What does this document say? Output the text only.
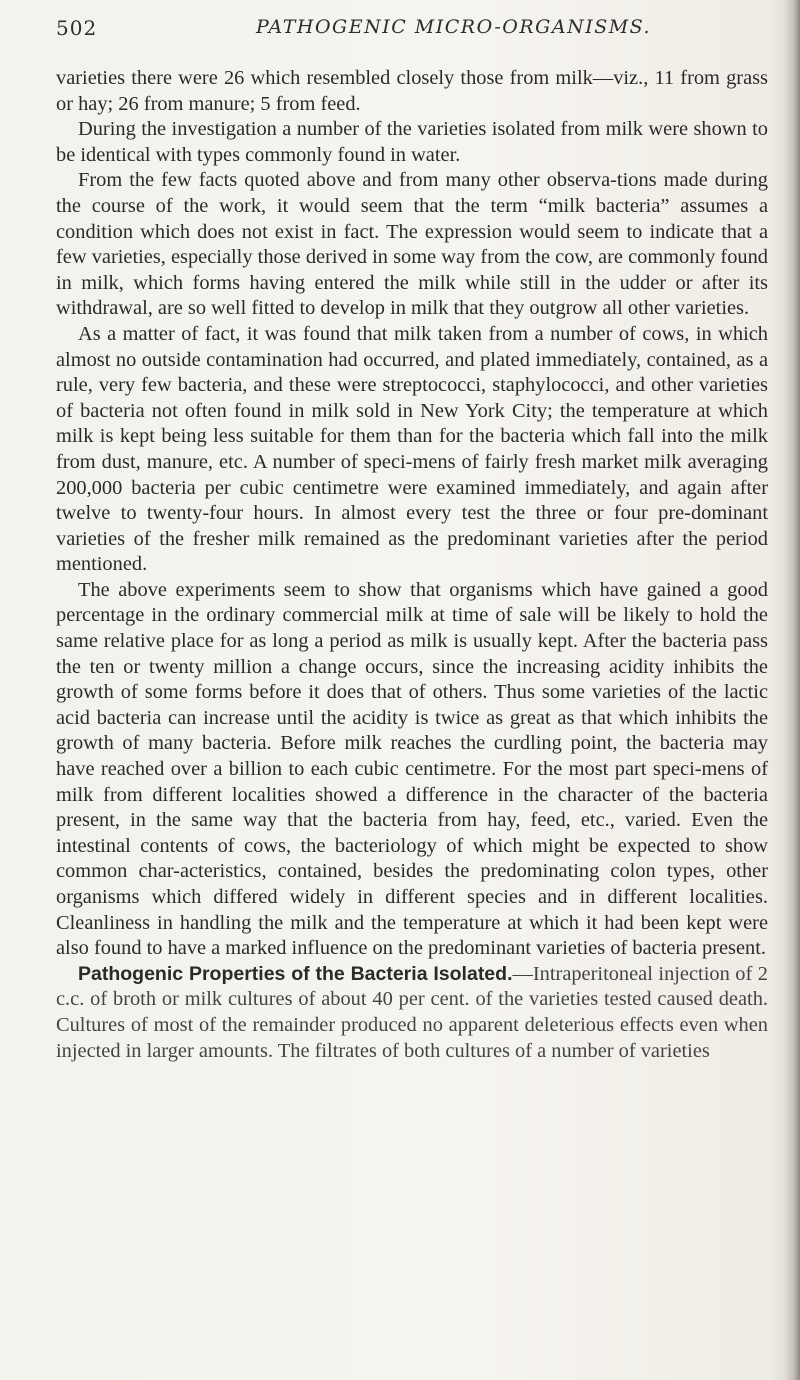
502	PATHOGENIC MICRO-ORGANISMS.

varieties there were 26 which resembled closely those from milk—viz., 11 from grass or hay; 26 from manure; 5 from feed.

During the investigation a number of the varieties isolated from milk were shown to be identical with types commonly found in water.

From the few facts quoted above and from many other observa-tions made during the course of the work, it would seem that the term “milk bacteria” assumes a condition which does not exist in fact. The expression would seem to indicate that a few varieties, especially those derived in some way from the cow, are commonly found in milk, which forms having entered the milk while still in the udder or after its withdrawal, are so well fitted to develop in milk that they outgrow all other varieties.

As a matter of fact, it was found that milk taken from a number of cows, in which almost no outside contamination had occurred, and plated immediately, contained, as a rule, very few bacteria, and these were streptococci, staphylococci, and other varieties of bacteria not often found in milk sold in New York City; the temperature at which milk is kept being less suitable for them than for the bacteria which fall into the milk from dust, manure, etc. A number of speci-mens of fairly fresh market milk averaging 200,000 bacteria per cubic centimetre were examined immediately, and again after twelve to twenty-four hours. In almost every test the three or four pre-dominant varieties of the fresher milk remained as the predominant varieties after the period mentioned.

The above experiments seem to show that organisms which have gained a good percentage in the ordinary commercial milk at time of sale will be likely to hold the same relative place for as long a period as milk is usually kept. After the bacteria pass the ten or twenty million a change occurs, since the increasing acidity inhibits the growth of some forms before it does that of others. Thus some varieties of the lactic acid bacteria can increase until the acidity is twice as great as that which inhibits the growth of many bacteria. Before milk reaches the curdling point, the bacteria may have reached over a billion to each cubic centimetre. For the most part speci-mens of milk from different localities showed a difference in the character of the bacteria present, in the same way that the bacteria from hay, feed, etc., varied. Even the intestinal contents of cows, the bacteriology of which might be expected to show common char-acteristics, contained, besides the predominating colon types, other organisms which differed widely in different species and in different localities. Cleanliness in handling the milk and the temperature at which it had been kept were also found to have a marked influence on the predominant varieties of bacteria present.

Pathogenic Properties of the Bacteria Isolated.—Intraperitoneal injection of 2 c.c. of broth or milk cultures of about 40 per cent. of the varieties tested caused death. Cultures of most of the remainder produced no apparent deleterious effects even when injected in larger amounts. The filtrates of both cultures of a number of varieties
